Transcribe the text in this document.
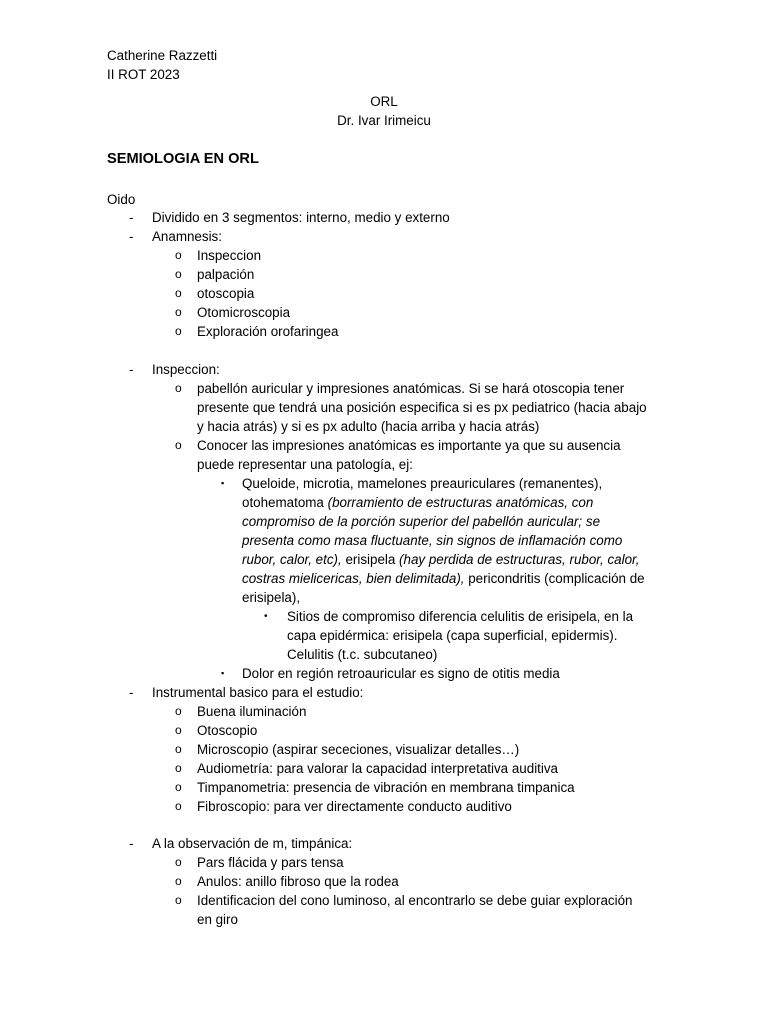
Catherine Razzetti
II ROT 2023
ORL
Dr. Ivar Irimeicu
SEMIOLOGIA EN ORL
Oido
- Dividido en 3 segmentos: interno, medio y externo
- Anamnesis:
o Inspeccion
o palpación
o otoscopia
o Otomicroscopia
o Exploración orofaringea
- Inspeccion:
o pabellón auricular y impresiones anatómicas. Si se hará otoscopia tener
presente que tendrá una posición especifica si es px pediatrico (hacia abajo
y hacia atrás) y si es px adulto (hacia arriba y hacia atrás)
o Conocer las impresiones anatómicas es importante ya que su ausencia
puede representar una patología, ej:
▪ Queloide, microtia, mamelones preauriculares (remanentes),
otohematoma (borramiento de estructuras anatómicas, con
compromiso de la porción superior del pabellón auricular; se
presenta como masa fluctuante, sin signos de inflamación como
rubor, calor, etc), erisipela (hay perdida de estructuras, rubor, calor,
costras mielicericas, bien delimitada), pericondritis (complicación de
erisipela),
• Sitios de compromiso diferencia celulitis de erisipela, en la
capa epidérmica: erisipela (capa superficial, epidermis).
Celulitis (t.c. subcutaneo)
▪ Dolor en región retroauricular es signo de otitis media
- Instrumental basico para el estudio:
o Buena iluminación
o Otoscopio
o Microscopio (aspirar sececiones, visualizar detalles…)
o Audiometría: para valorar la capacidad interpretativa auditiva
o Timpanometria: presencia de vibración en membrana timpanica
o Fibroscopio: para ver directamente conducto auditivo
- A la observación de m, timpánica:
o Pars flácida y pars tensa
o Anulos: anillo fibroso que la rodea
o Identificacion del cono luminoso, al encontrarlo se debe guiar exploración
en giro
